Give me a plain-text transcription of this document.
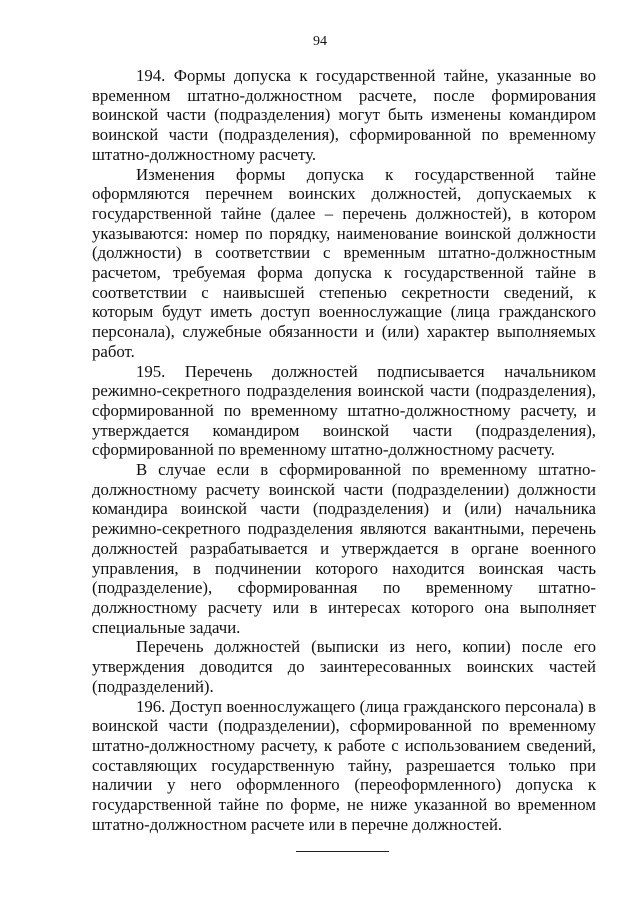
94

194. Формы допуска к государственной тайне, указанные во временном штатно-должностном расчете, после формирования воинской части (подразделения) могут быть изменены командиром воинской части (подразделения), сформированной по временному штатно-должностному расчету.

Изменения формы допуска к государственной тайне оформляются перечнем воинских должностей, допускаемых к государственной тайне (далее – перечень должностей), в котором указываются: номер по порядку, наименование воинской должности (должности) в соответствии с временным штатно-должностным расчетом, требуемая форма допуска к государственной тайне в соответствии с наивысшей степенью секретности сведений, к которым будут иметь доступ военнослужащие (лица гражданского персонала), служебные обязанности и (или) характер выполняемых работ.

195. Перечень должностей подписывается начальником режимно-секретного подразделения воинской части (подразделения), сформированной по временному штатно-должностному расчету, и утверждается командиром воинской части (подразделения), сформированной по временному штатно-должностному расчету.

В случае если в сформированной по временному штатно-должностному расчету воинской части (подразделении) должности командира воинской части (подразделения) и (или) начальника режимно-секретного подразделения являются вакантными, перечень должностей разрабатывается и утверждается в органе военного управления, в подчинении которого находится воинская часть (подразделение), сформированная по временному штатно-должностному расчету или в интересах которого она выполняет специальные задачи.

Перечень должностей (выписки из него, копии) после его утверждения доводится до заинтересованных воинских частей (подразделений).

196. Доступ военнослужащего (лица гражданского персонала) в воинской части (подразделении), сформированной по временному штатно-должностному расчету, к работе с использованием сведений, составляющих государственную тайну, разрешается только при наличии у него оформленного (переоформленного) допуска к государственной тайне по форме, не ниже указанной во временном штатно-должностном расчете или в перечне должностей.
